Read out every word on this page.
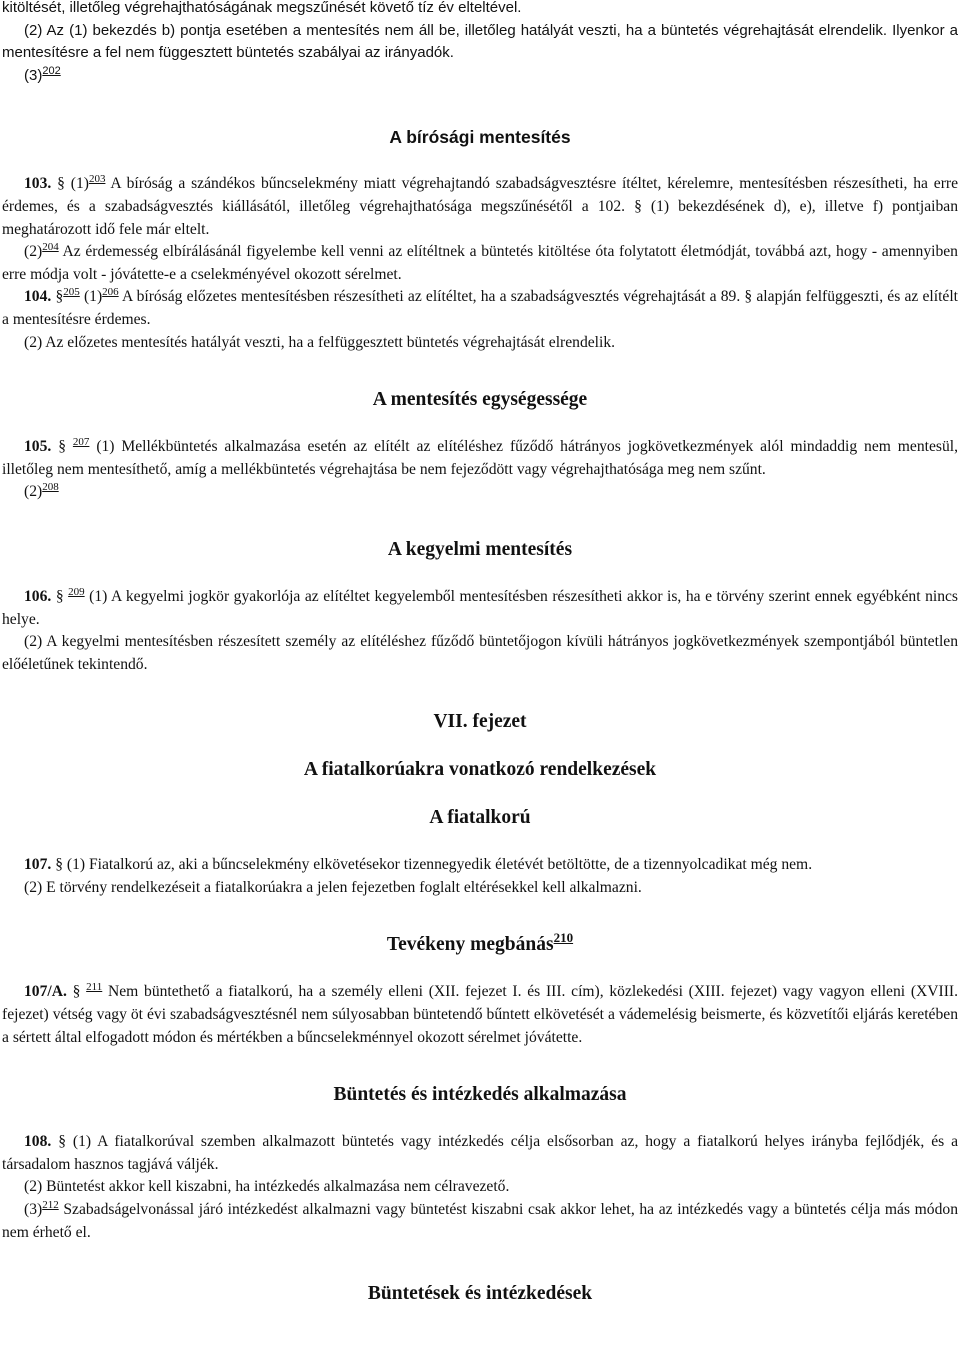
kitöltését, illetőleg végrehajthatóságának megszűnését követő tíz év elteltével.

(2) Az (1) bekezdés b) pontja esetében a mentesítés nem áll be, illetőleg hatályát veszti, ha a büntetés végrehajtását elrendelik. Ilyenkor a mentesítésre a fel nem függesztett büntetés szabályai az irányadók.

$(3)^{202}$

A bírósági mentesítés

103. § $(1)^{203}$ A bíróság a szándékos bűncselekmény miatt végrehajtandó szabadságvesztésre ítéltet, kérelemre, mentesítésben részesítheti, ha erre érdemes, és a szabadságvesztés kiállásától, illetőleg végrehajthatósága megszűnésétől a 102. § (1) bekezdésének d), e), illetve f) pontjaiban meghatározott idő fele már eltelt.

$(2)^{204}$ Az érdemesség elbírálásánál figyelembe kell venni az elítéltnek a büntetés kitöltése óta folytatott életmódját, továbbá azt, hogy - amennyiben erre módja volt - jóvátette-e a cselekményével okozott sérelmet.

104. §$^{205}$ $(1)^{206}$ A bíróság előzetes mentesítésben részesítheti az elítéltet, ha a szabadságvesztés végrehajtását a 89. § alapján felfüggeszti, és az elítélt a mentesítésre érdemes.

(2) Az előzetes mentesítés hatályát veszti, ha a felfüggesztett büntetés végrehajtását elrendelik.

A mentesítés egységessége

105. § $^{207}$ (1) Mellékbüntetés alkalmazása esetén az elítélt az elítéléshez fűződő hátrányos jogkövetkezmények alól mindaddig nem mentesül, illetőleg nem mentesíthető, amíg a mellékbüntetés végrehajtása be nem fejeződött vagy végrehajthatósága meg nem szűnt.

$(2)^{208}$

A kegyelmi mentesítés

106. § $^{209}$ (1) A kegyelmi jogkör gyakorlója az elítéltet kegyelemből mentesítésben részesítheti akkor is, ha e törvény szerint ennek egyébként nincs helye.

(2) A kegyelmi mentesítésben részesített személy az elítéléshez fűződő büntetőjogon kívüli hátrányos jogkövetkezmények szempontjából büntetlen előéletűnek tekintendő.

VII. fejezet
A fiatalkorúakra vonatkozó rendelkezések
A fiatalkorú

107. § (1) Fiatalkorú az, aki a bűncselekmény elkövetésekor tizennegyedik életévét betöltötte, de a tizennyolcadikat még nem.

(2) E törvény rendelkezéseit a fiatalkorúakra a jelen fejezetben foglalt eltérésekkel kell alkalmazni.

Tevékeny megbánás$^{210}$

107/A. § $^{211}$ Nem büntethető a fiatalkorú, ha a személy elleni (XII. fejezet I. és III. cím), közlekedési (XIII. fejezet) vagy vagyon elleni (XVIII. fejezet) vétség vagy öt évi szabadságvesztésnél nem súlyosabban büntetendő bűntett elkövetését a vádemelésig beismerte, és közvetítői eljárás keretében a sértett által elfogadott módon és mértékben a bűncselekménnyel okozott sérelmet jóvátette.

Büntetés és intézkedés alkalmazása

108. § (1) A fiatalkorúval szemben alkalmazott büntetés vagy intézkedés célja elsősorban az, hogy a fiatalkorú helyes irányba fejlődjék, és a társadalom hasznos tagjává váljék.

(2) Büntetést akkor kell kiszabni, ha intézkedés alkalmazása nem célravezető.

$(3)^{212}$ Szabadságelvonással járó intézkedést alkalmazni vagy büntetést kiszabni csak akkor lehet, ha az intézkedés vagy a büntetés célja más módon nem érhető el.

Büntetések és intézkedések
